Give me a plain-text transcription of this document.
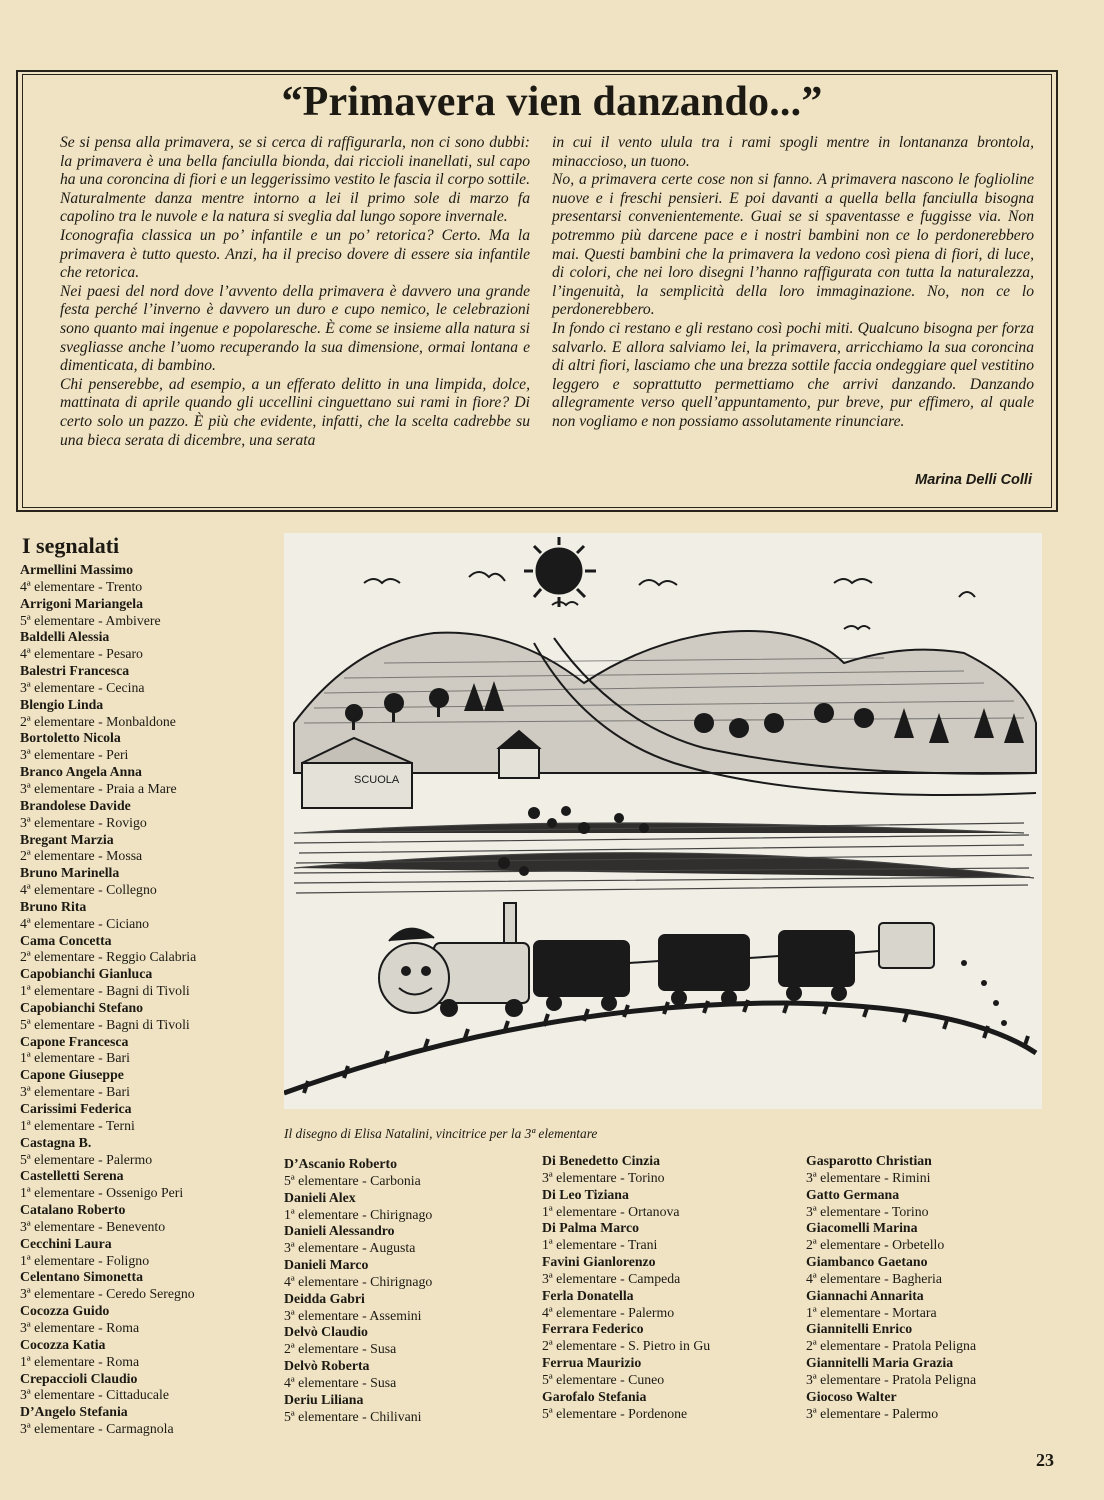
“Primavera vien danzando...”

Se si pensa alla primavera, se si cerca di raffigurarla, non ci sono dubbi: la primavera è una bella fanciulla bionda, dai riccioli inanellati, sul capo ha una coroncina di fiori e un leggerissimo vestito le fascia il corpo sottile. Naturalmente danza mentre intorno a lei il primo sole di marzo fa capolino tra le nuvole e la natura si sveglia dal lungo sopore invernale.

Iconografia classica un po’ infantile e un po’ retorica? Certo. Ma la primavera è tutto questo. Anzi, ha il preciso dovere di essere sia infantile che retorica.

Nei paesi del nord dove l’avvento della primavera è davvero una grande festa perché l’inverno è davvero un duro e cupo nemico, le celebrazioni sono quanto mai ingenue e popolaresche. È come se insieme alla natura si svegliasse anche l’uomo recuperando la sua dimensione, ormai lontana e dimenticata, di bambino.

Chi penserebbe, ad esempio, a un efferato delitto in una limpida, dolce, mattinata di aprile quando gli uccellini cinguettano sui rami in fiore? Di certo solo un pazzo. È più che evidente, infatti, che la scelta cadrebbe su una bieca serata di dicembre, una serata

in cui il vento ulula tra i rami spogli mentre in lontananza brontola, minaccioso, un tuono.

No, a primavera certe cose non si fanno. A primavera nascono le foglioline nuove e i freschi pensieri. E poi davanti a quella bella fanciulla bisogna presentarsi convenientemente. Guai se si spaventasse e fuggisse via. Non potremmo più darcene pace e i nostri bambini non ce lo perdonerebbero mai. Questi bambini che la primavera la vedono così piena di fiori, di luce, di colori, che nei loro disegni l’hanno raffigurata con tutta la naturalezza, l’ingenuità, la semplicità della loro immaginazione. No, non ce lo perdonerebbero.

In fondo ci restano e gli restano così pochi miti. Qualcuno bisogna per forza salvarlo. E allora salviamo lei, la primavera, arricchiamo la sua coroncina di altri fiori, lasciamo che una brezza sottile faccia ondeggiare quel vestitino leggero e soprattutto permettiamo che arrivi danzando. Danzando allegramente verso quell’appuntamento, pur breve, pur effimero, al quale non vogliamo e non possiamo assolutamente rinunciare.

Marina Delli Colli
I segnalati
Armellini Massimo
4ª elementare - Trento
Arrigoni Mariangela
5ª elementare - Ambivere
Baldelli Alessia
4ª elementare - Pesaro
Balestri Francesca
3ª elementare - Cecina
Blengio Linda
2ª elementare - Monbaldone
Bortoletto Nicola
3ª elementare - Peri
Branco Angela Anna
3ª elementare - Praia a Mare
Brandolese Davide
3ª elementare - Rovigo
Bregant Marzia
2ª elementare - Mossa
Bruno Marinella
4ª elementare - Collegno
Bruno Rita
4ª elementare - Ciciano
Cama Concetta
2ª elementare - Reggio Calabria
Capobianchi Gianluca
1ª elementare - Bagni di Tivoli
Capobianchi Stefano
5ª elementare - Bagni di Tivoli
Capone Francesca
1ª elementare - Bari
Capone Giuseppe
3ª elementare - Bari
Carissimi Federica
1ª elementare - Terni
Castagna B.
5ª elementare - Palermo
Castelletti Serena
1ª elementare - Ossenigo Peri
Catalano Roberto
3ª elementare - Benevento
Cecchini Laura
1ª elementare - Foligno
Celentano Simonetta
3ª elementare - Ceredo Seregno
Cocozza Guido
3ª elementare - Roma
Cocozza Katia
1ª elementare - Roma
Crepaccioli Claudio
3ª elementare - Cittaducale
D’Angelo Stefania
3ª elementare - Carmagnola
D’Ascanio Roberto
5ª elementare - Carbonia
Danieli Alex
1ª elementare - Chirignago
Danieli Alessandro
3ª elementare - Augusta
Danieli Marco
4ª elementare - Chirignago
Deidda Gabri
3ª elementare - Assemini
Delvò Claudio
2ª elementare - Susa
Delvò Roberta
4ª elementare - Susa
Deriu Liliana
5ª elementare - Chilivani
Di Benedetto Cinzia
3ª elementare - Torino
Di Leo Tiziana
1ª elementare - Ortanova
Di Palma Marco
1ª elementare - Trani
Favini Gianlorenzo
3ª elementare - Campeda
Ferla Donatella
4ª elementare - Palermo
Ferrara Federico
2ª elementare - S. Pietro in Gu
Ferrua Maurizio
5ª elementare - Cuneo
Garofalo Stefania
5ª elementare - Pordenone
Gasparotto Christian
3ª elementare - Rimini
Gatto Germana
3ª elementare - Torino
Giacomelli Marina
2ª elementare - Orbetello
Giambanco Gaetano
4ª elementare - Bagheria
Giannachi Annarita
1ª elementare - Mortara
Giannitelli Enrico
2ª elementare - Pratola Peligna
Giannitelli Maria Grazia
3ª elementare - Pratola Peligna
Giocoso Walter
3ª elementare - Palermo
SCUOLA
Il disegno di Elisa Natalini, vincitrice per la 3ª elementare
23
